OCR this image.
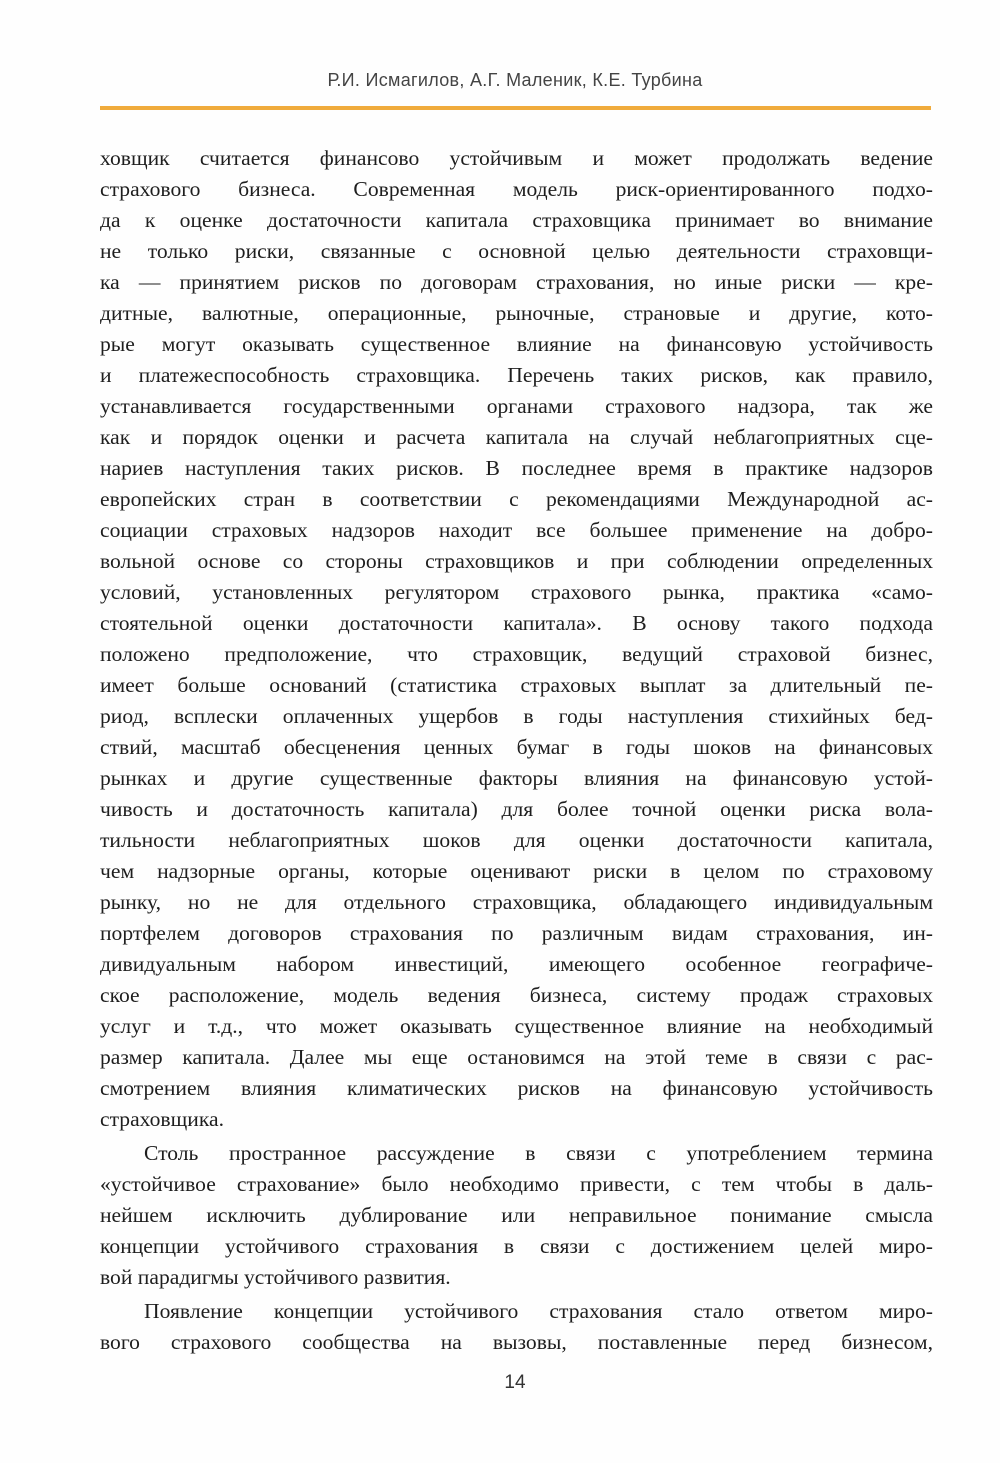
Р.И. Исмагилов, А.Г. Маленик, К.Е. Турбина
ховщик считается финансово устойчивым и может продолжать ведение
страхового бизнеса. Современная модель риск-ориентированного подхо-
да к оценке достаточности капитала страховщика принимает во внимание
не только риски, связанные с основной целью деятельности страховщи-
ка — принятием рисков по договорам страхования, но иные риски — кре-
дитные, валютные, операционные, рыночные, страновые и другие, кото-
рые могут оказывать существенное влияние на финансовую устойчивость
и платежеспособность страховщика. Перечень таких рисков, как правило,
устанавливается государственными органами страхового надзора, так же
как и порядок оценки и расчета капитала на случай неблагоприятных сце-
нариев наступления таких рисков. В последнее время в практике надзоров
европейских стран в соответствии с рекомендациями Международной ас-
социации страховых надзоров находит все большее применение на добро-
вольной основе со стороны страховщиков и при соблюдении определенных
условий, установленных регулятором страхового рынка, практика «само-
стоятельной оценки достаточности капитала». В основу такого подхода
положено предположение, что страховщик, ведущий страховой бизнес,
имеет больше оснований (статистика страховых выплат за длительный пе-
риод, всплески оплаченных ущербов в годы наступления стихийных бед-
ствий, масштаб обесценения ценных бумаг в годы шоков на финансовых
рынках и другие существенные факторы влияния на финансовую устой-
чивость и достаточность капитала) для более точной оценки риска вола-
тильности неблагоприятных шоков для оценки достаточности капитала,
чем надзорные органы, которые оценивают риски в целом по страховому
рынку, но не для отдельного страховщика, обладающего индивидуальным
портфелем договоров страхования по различным видам страхования, ин-
дивидуальным набором инвестиций, имеющего особенное географиче-
ское расположение, модель ведения бизнеса, систему продаж страховых
услуг и т.д., что может оказывать существенное влияние на необходимый
размер капитала. Далее мы еще остановимся на этой теме в связи с рас-
смотрением влияния климатических рисков на финансовую устойчивость
страховщика.
Столь пространное рассуждение в связи с употреблением термина
«устойчивое страхование» было необходимо привести, с тем чтобы в даль-
нейшем исключить дублирование или неправильное понимание смысла
концепции устойчивого страхования в связи с достижением целей миро-
вой парадигмы устойчивого развития.
Появление концепции устойчивого страхования стало ответом миро-
вого страхового сообщества на вызовы, поставленные перед бизнесом,
14
